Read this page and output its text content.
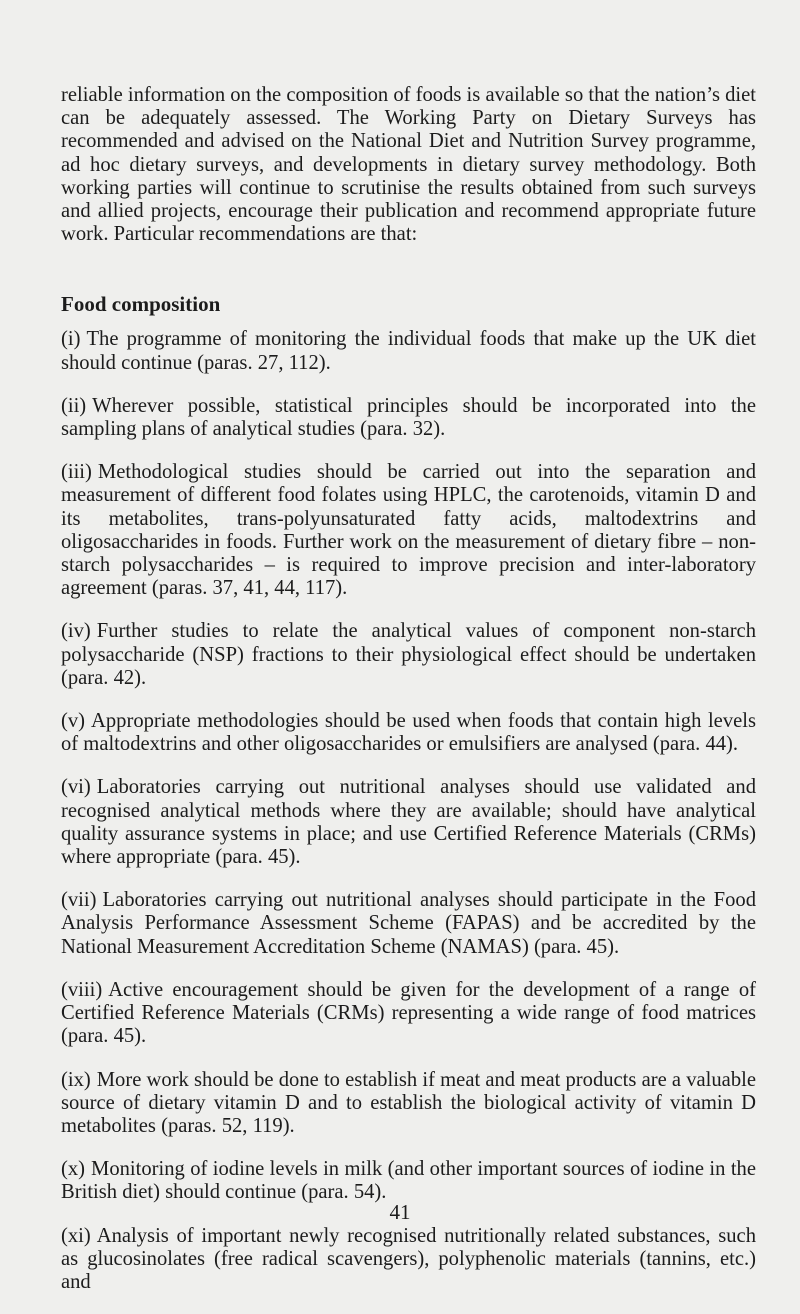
reliable information on the composition of foods is available so that the nation’s diet can be adequately assessed. The Working Party on Dietary Surveys has recommended and advised on the National Diet and Nutrition Survey programme, ad hoc dietary surveys, and developments in dietary survey methodology. Both working parties will continue to scrutinise the results obtained from such surveys and allied projects, encourage their publication and recommend appropriate future work. Particular recommendations are that:

Food composition

(i) The programme of monitoring the individual foods that make up the UK diet should continue (paras. 27, 112).

(ii) Wherever possible, statistical principles should be incorporated into the sampling plans of analytical studies (para. 32).

(iii) Methodological studies should be carried out into the separation and measurement of different food folates using HPLC, the carotenoids, vitamin D and its metabolites, trans-polyunsaturated fatty acids, maltodextrins and oligosaccharides in foods. Further work on the measurement of dietary fibre – non-starch polysaccharides – is required to improve precision and inter-laboratory agreement (paras. 37, 41, 44, 117).

(iv) Further studies to relate the analytical values of component non-starch polysaccharide (NSP) fractions to their physiological effect should be undertaken (para. 42).

(v) Appropriate methodologies should be used when foods that contain high levels of maltodextrins and other oligosaccharides or emulsifiers are analysed (para. 44).

(vi) Laboratories carrying out nutritional analyses should use validated and recognised analytical methods where they are available; should have analytical quality assurance systems in place; and use Certified Reference Materials (CRMs) where appropriate (para. 45).

(vii) Laboratories carrying out nutritional analyses should participate in the Food Analysis Performance Assessment Scheme (FAPAS) and be accredited by the National Measurement Accreditation Scheme (NAMAS) (para. 45).

(viii) Active encouragement should be given for the development of a range of Certified Reference Materials (CRMs) representing a wide range of food matrices (para. 45).

(ix) More work should be done to establish if meat and meat products are a valuable source of dietary vitamin D and to establish the biological activity of vitamin D metabolites (paras. 52, 119).

(x) Monitoring of iodine levels in milk (and other important sources of iodine in the British diet) should continue (para. 54).

(xi) Analysis of important newly recognised nutritionally related substances, such as glucosinolates (free radical scavengers), polyphenolic materials (tannins, etc.) and

41
